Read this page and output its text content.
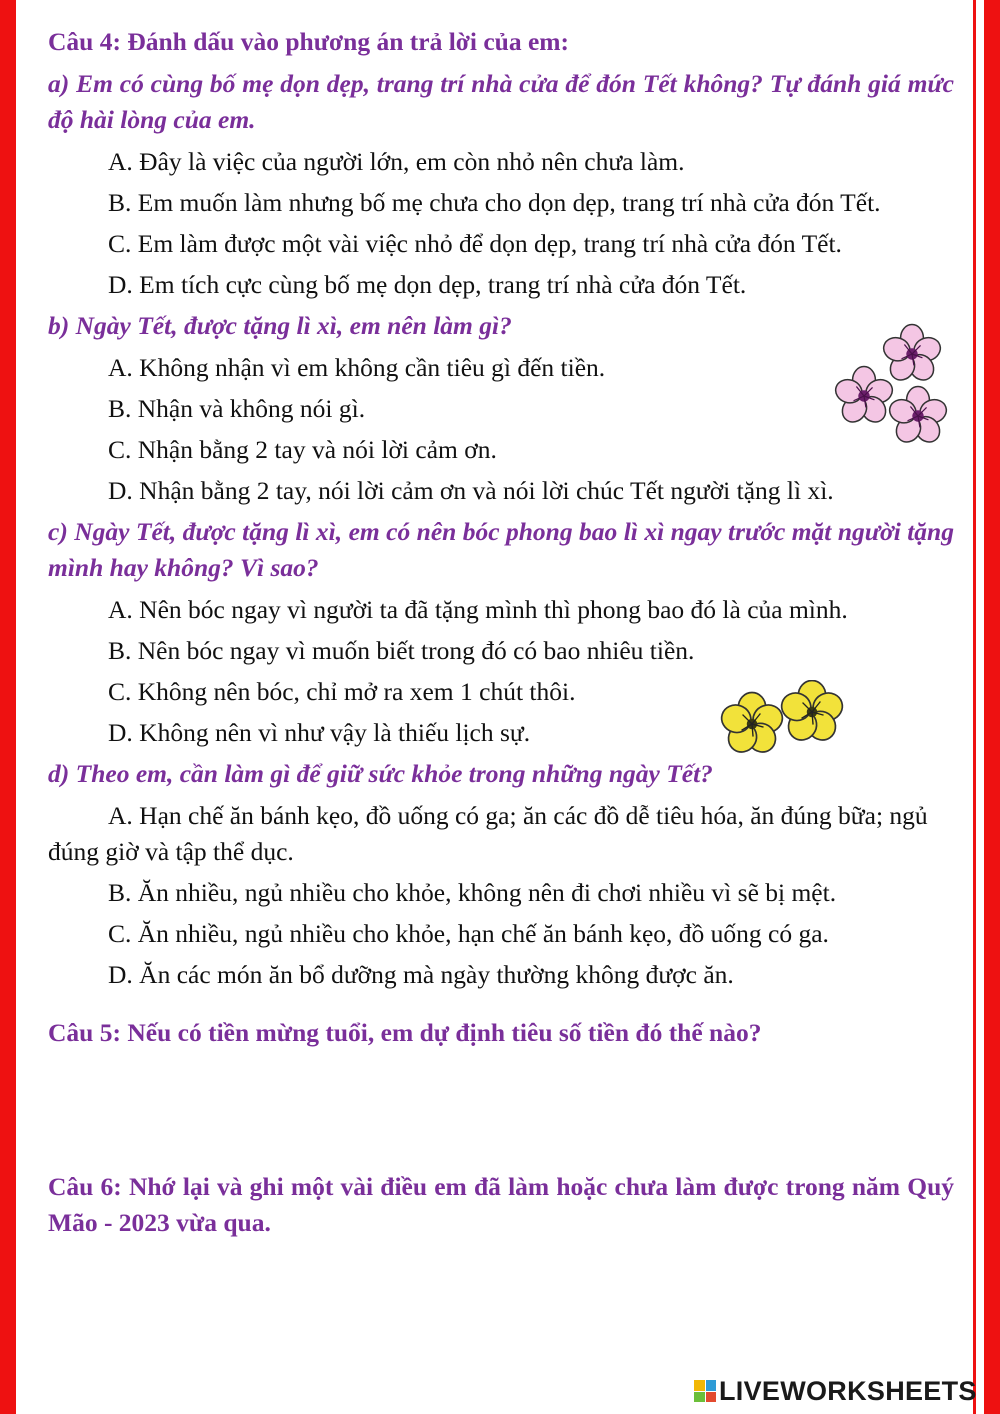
Câu 4: Đánh dấu vào phương án trả lời của em:

a) Em có cùng bố mẹ dọn dẹp, trang trí nhà cửa để đón Tết không? Tự đánh giá mức độ hài lòng của em.

A. Đây là việc của người lớn, em còn nhỏ nên chưa làm.

B. Em muốn làm nhưng bố mẹ chưa cho dọn dẹp, trang trí nhà cửa đón Tết.

C. Em làm được một vài việc nhỏ để dọn dẹp, trang trí nhà cửa đón Tết.

D. Em tích cực cùng bố mẹ dọn dẹp, trang trí nhà cửa đón Tết.

b) Ngày Tết, được tặng lì xì, em nên làm gì?

A. Không nhận vì em không cần tiêu gì đến tiền.

B. Nhận và không nói gì.

C. Nhận bằng 2 tay và nói lời cảm ơn.

D. Nhận bằng 2 tay, nói lời cảm ơn và nói lời chúc Tết người tặng lì xì.

c) Ngày Tết, được tặng lì xì, em có nên bóc phong bao lì xì ngay trước mặt người tặng mình hay không? Vì sao?

A. Nên bóc ngay vì người ta đã tặng mình thì phong bao đó là của mình.

B. Nên bóc ngay vì muốn biết trong đó có bao nhiêu tiền.

C. Không nên bóc, chỉ mở ra xem 1 chút thôi.

D. Không nên vì như vậy là thiếu lịch sự.

d) Theo em, cần làm gì để giữ sức khỏe trong những ngày Tết?

A. Hạn chế ăn bánh kẹo, đồ uống có ga; ăn các đồ dễ tiêu hóa, ăn đúng bữa; ngủ đúng giờ và tập thể dục.

B. Ăn nhiều, ngủ nhiều cho khỏe, không nên đi chơi nhiều vì sẽ bị mệt.

C. Ăn nhiều, ngủ nhiều cho khỏe, hạn chế ăn bánh kẹo, đồ uống có ga.

D. Ăn các món ăn bổ dưỡng mà ngày thường không được ăn.

Câu 5: Nếu có tiền mừng tuổi, em dự định tiêu số tiền đó thế nào?

Câu 6: Nhớ lại và ghi một vài điều em đã làm hoặc chưa làm được trong năm Quý Mão - 2023 vừa qua.

LIVEWORKSHEETS
